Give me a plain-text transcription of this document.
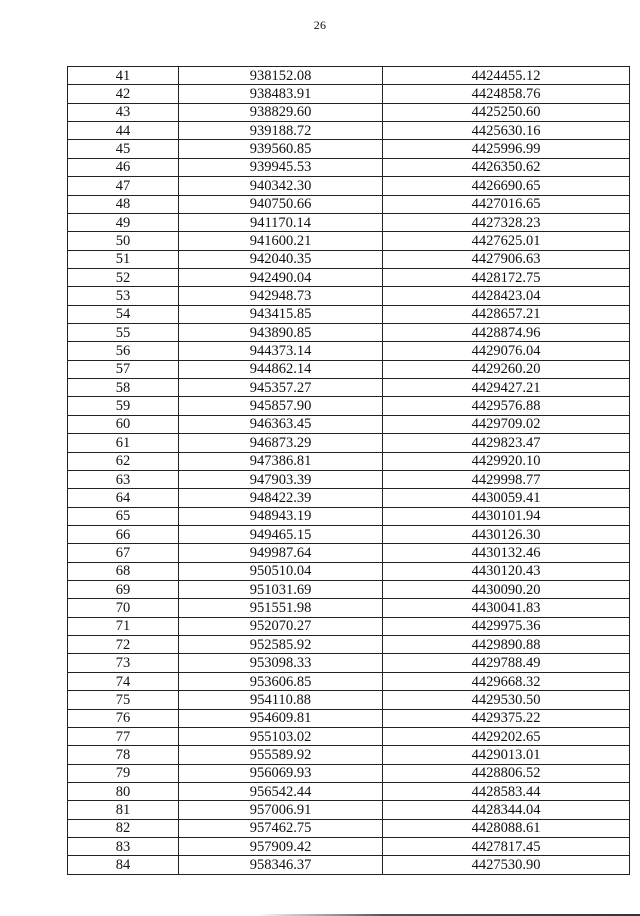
26
41	938152.08	4424455.12
42	938483.91	4424858.76
43	938829.60	4425250.60
44	939188.72	4425630.16
45	939560.85	4425996.99
46	939945.53	4426350.62
47	940342.30	4426690.65
48	940750.66	4427016.65
49	941170.14	4427328.23
50	941600.21	4427625.01
51	942040.35	4427906.63
52	942490.04	4428172.75
53	942948.73	4428423.04
54	943415.85	4428657.21
55	943890.85	4428874.96
56	944373.14	4429076.04
57	944862.14	4429260.20
58	945357.27	4429427.21
59	945857.90	4429576.88
60	946363.45	4429709.02
61	946873.29	4429823.47
62	947386.81	4429920.10
63	947903.39	4429998.77
64	948422.39	4430059.41
65	948943.19	4430101.94
66	949465.15	4430126.30
67	949987.64	4430132.46
68	950510.04	4430120.43
69	951031.69	4430090.20
70	951551.98	4430041.83
71	952070.27	4429975.36
72	952585.92	4429890.88
73	953098.33	4429788.49
74	953606.85	4429668.32
75	954110.88	4429530.50
76	954609.81	4429375.22
77	955103.02	4429202.65
78	955589.92	4429013.01
79	956069.93	4428806.52
80	956542.44	4428583.44
81	957006.91	4428344.04
82	957462.75	4428088.61
83	957909.42	4427817.45
84	958346.37	4427530.90
